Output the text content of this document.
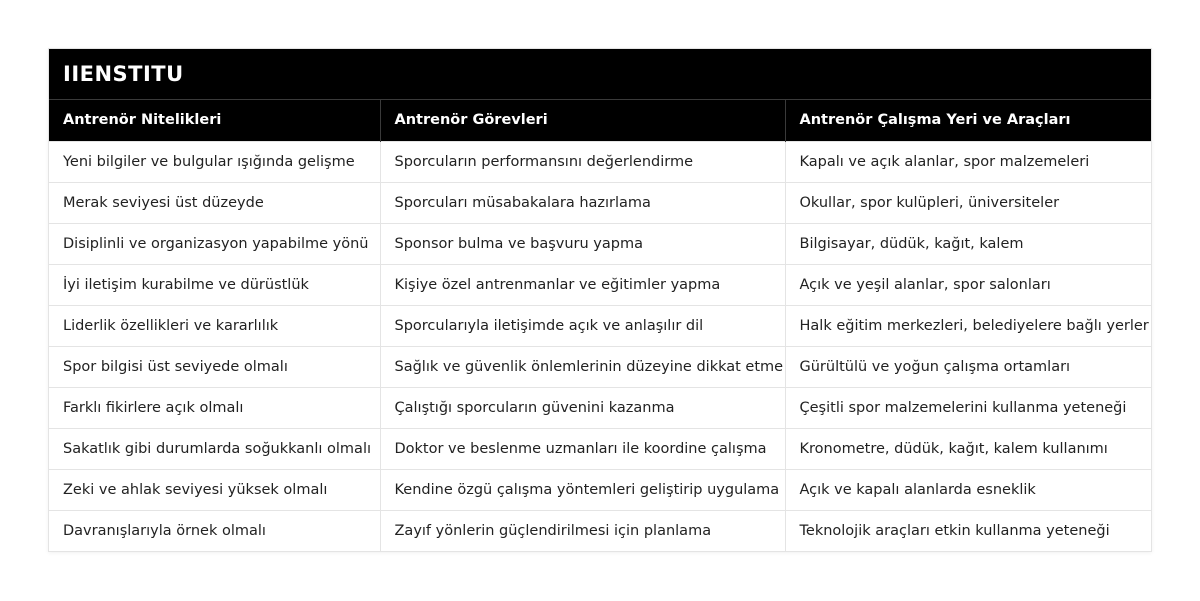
IIENSTITU
Antrenör Nitelikleri	Antrenör Görevleri	Antrenör Çalışma Yeri ve Araçları
Yeni bilgiler ve bulgular ışığında gelişme	Sporcuların performansını değerlendirme	Kapalı ve açık alanlar, spor malzemeleri
Merak seviyesi üst düzeyde	Sporcuları müsabakalara hazırlama	Okullar, spor kulüpleri, üniversiteler
Disiplinli ve organizasyon yapabilme yönü	Sponsor bulma ve başvuru yapma	Bilgisayar, düdük, kağıt, kalem
İyi iletişim kurabilme ve dürüstlük	Kişiye özel antrenmanlar ve eğitimler yapma	Açık ve yeşil alanlar, spor salonları
Liderlik özellikleri ve kararlılık	Sporcularıyla iletişimde açık ve anlaşılır dil	Halk eğitim merkezleri, belediyelere bağlı yerler
Spor bilgisi üst seviyede olmalı	Sağlık ve güvenlik önlemlerinin düzeyine dikkat etme	Gürültülü ve yoğun çalışma ortamları
Farklı fikirlere açık olmalı	Çalıştığı sporcuların güvenini kazanma	Çeşitli spor malzemelerini kullanma yeteneği
Sakatlık gibi durumlarda soğukkanlı olmalı	Doktor ve beslenme uzmanları ile koordine çalışma	Kronometre, düdük, kağıt, kalem kullanımı
Zeki ve ahlak seviyesi yüksek olmalı	Kendine özgü çalışma yöntemleri geliştirip uygulama	Açık ve kapalı alanlarda esneklik
Davranışlarıyla örnek olmalı	Zayıf yönlerin güçlendirilmesi için planlama	Teknolojik araçları etkin kullanma yeteneği
